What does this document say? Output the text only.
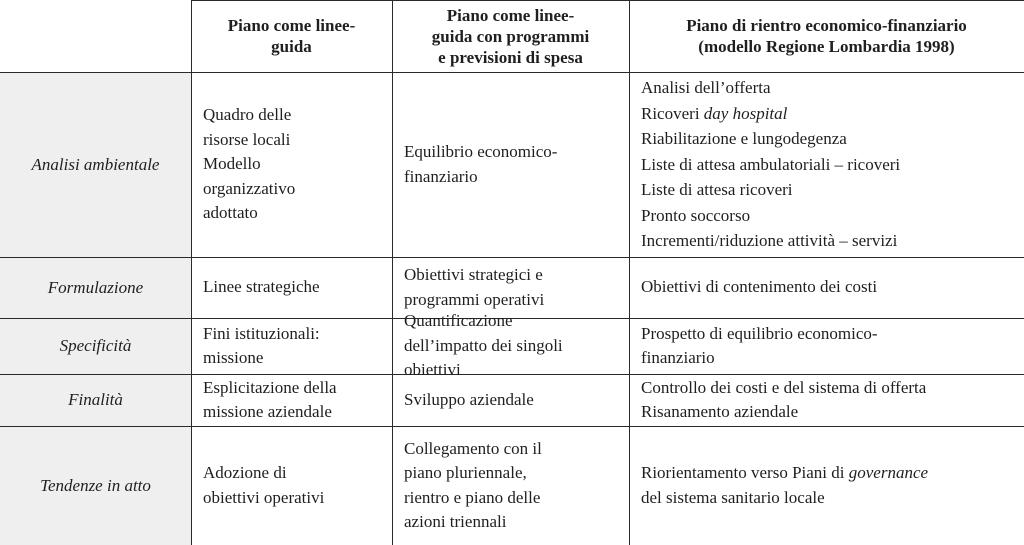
Piano come linee-
guida
Piano come linee-
guida con programmi
e previsioni di spesa
Piano di rientro economico-finanziario
(modello Regione Lombardia 1998)
Analisi ambientale
Quadro delle
risorse locali
Modello
organizzativo
adottato
Equilibrio economico-
finanziario
Analisi dell’offerta
Ricoveri day hospital
Riabilitazione e lungodegenza
Liste di attesa ambulatoriali – ricoveri
Liste di attesa ricoveri
Pronto soccorso
Incrementi/riduzione attività – servizi
Formulazione	Linee strategiche
Obiettivi strategici e
programmi operativi
Obiettivi di contenimento dei costi
Specificità
Fini istituzionali:
missione
Quantificazione
dell’impatto dei singoli
obiettivi
Prospetto di equilibrio economico-
finanziario
Finalità
Esplicitazione della
missione aziendale
Sviluppo aziendale
Controllo dei costi e del sistema di offerta
Risanamento aziendale
Tendenze in atto
Adozione di
obiettivi operativi
Collegamento con il
piano pluriennale,
rientro e piano delle
azioni triennali
Riorientamento verso Piani di governance
del sistema sanitario locale
